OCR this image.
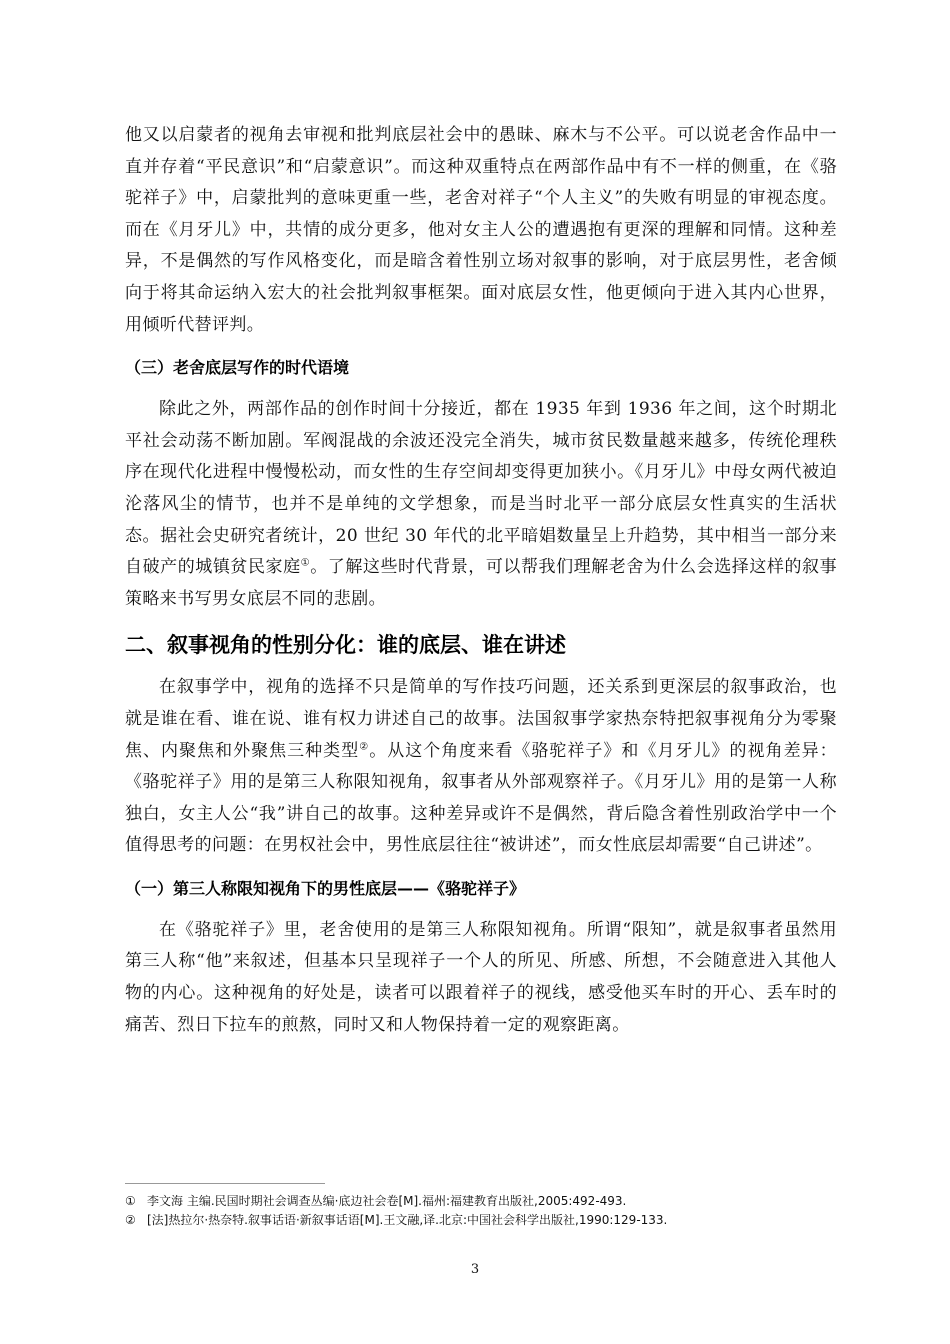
他又以启蒙者的视角去审视和批判底层社会中的愚昧、麻木与不公平。可以说老舍作品中一直并存着“平民意识”和“启蒙意识”。而这种双重特点在两部作品中有不一样的侧重，在《骆驼祥子》中，启蒙批判的意味更重一些，老舍对祥子“个人主义”的失败有明显的审视态度。而在《月牙儿》中，共情的成分更多，他对女主人公的遭遇抱有更深的理解和同情。这种差异，不是偶然的写作风格变化，而是暗含着性别立场对叙事的影响，对于底层男性，老舍倾向于将其命运纳入宏大的社会批判叙事框架。面对底层女性，他更倾向于进入其内心世界，用倾听代替评判。

（三）老舍底层写作的时代语境

除此之外，两部作品的创作时间十分接近，都在 1935 年到 1936 年之间，这个时期北平社会动荡不断加剧。军阀混战的余波还没完全消失，城市贫民数量越来越多，传统伦理秩序在现代化进程中慢慢松动，而女性的生存空间却变得更加狭小。《月牙儿》中母女两代被迫沦落风尘的情节，也并不是单纯的文学想象，而是当时北平一部分底层女性真实的生活状态。据社会史研究者统计，20 世纪 30 年代的北平暗娼数量呈上升趋势，其中相当一部分来自破产的城镇贫民家庭①。了解这些时代背景，可以帮我们理解老舍为什么会选择这样的叙事策略来书写男女底层不同的悲剧。

二、叙事视角的性别分化：谁的底层、谁在讲述

在叙事学中，视角的选择不只是简单的写作技巧问题，还关系到更深层的叙事政治，也就是谁在看、谁在说、谁有权力讲述自己的故事。法国叙事学家热奈特把叙事视角分为零聚焦、内聚焦和外聚焦三种类型②。从这个角度来看《骆驼祥子》和《月牙儿》的视角差异：《骆驼祥子》用的是第三人称限知视角，叙事者从外部观察祥子。《月牙儿》用的是第一人称独白，女主人公“我”讲自己的故事。这种差异或许不是偶然，背后隐含着性别政治学中一个值得思考的问题：在男权社会中，男性底层往往“被讲述”，而女性底层却需要“自己讲述”。

（一）第三人称限知视角下的男性底层——《骆驼祥子》

在《骆驼祥子》里，老舍使用的是第三人称限知视角。所谓“限知”，就是叙事者虽然用第三人称“他”来叙述，但基本只呈现祥子一个人的所见、所感、所想，不会随意进入其他人物的内心。这种视角的好处是，读者可以跟着祥子的视线，感受他买车时的开心、丢车时的痛苦、烈日下拉车的煎熬，同时又和人物保持着一定的观察距离。

① 李文海 主编.民国时期社会调查丛编·底边社会卷[M].福州:福建教育出版社,2005:492-493.
② [法]热拉尔·热奈特.叙事话语·新叙事话语[M].王文融,译.北京:中国社会科学出版社,1990:129-133.
3
